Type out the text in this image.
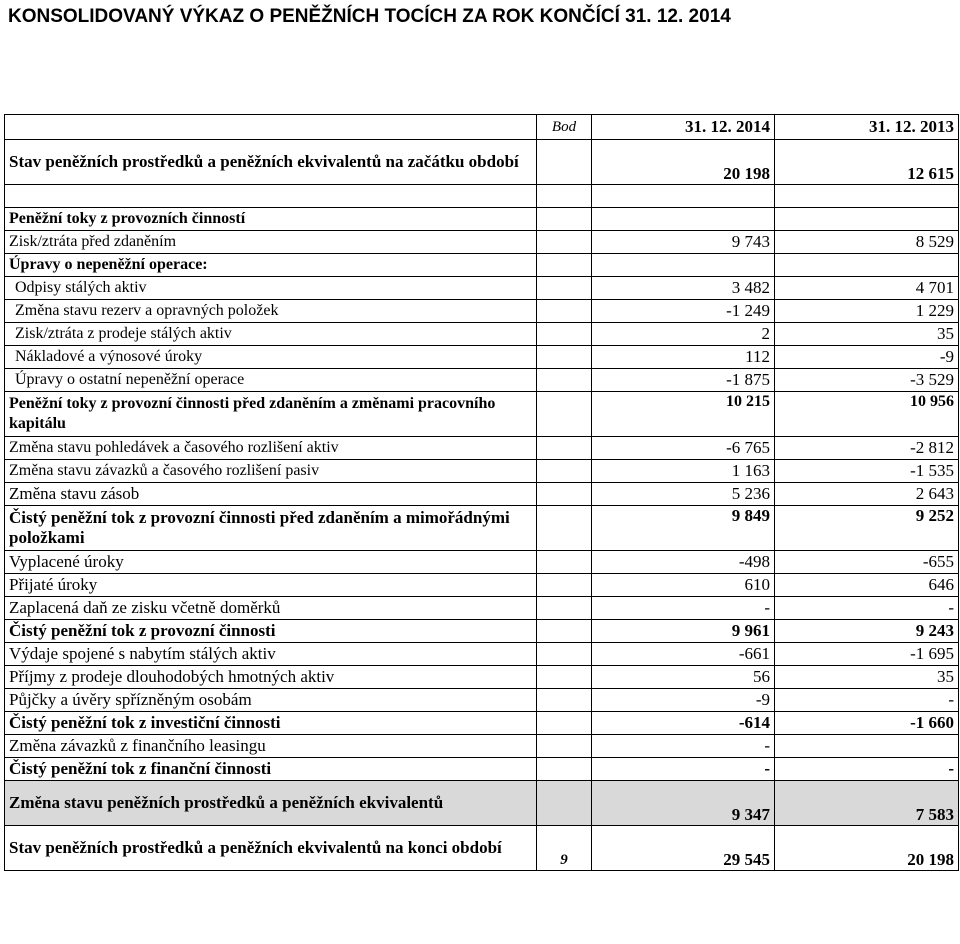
KONSOLIDOVANÝ VÝKAZ O PENĚŽNÍCH TOCÍCH ZA ROK KONČÍCÍ 31. 12. 2014
	Bod	31. 12. 2014	31. 12. 2013
Stav peněžních prostředků a peněžních ekvivalentů na začátku období		20 198	12 615

Peněžní toky z provozních činností			
Zisk/ztráta před zdaněním		9 743	8 529
Úpravy o nepeněžní operace:			
Odpisy stálých aktiv		3 482	4 701
Změna stavu rezerv a opravných položek		-1 249	1 229
Zisk/ztráta z prodeje stálých aktiv		2	35
Nákladové a výnosové úroky		112	-9
Úpravy o ostatní nepeněžní operace		-1 875	-3 529
Peněžní toky z provozní činnosti před zdaněním a změnami pracovního kapitálu		10 215	10 956
Změna stavu pohledávek a časového rozlišení aktiv		-6 765	-2 812
Změna stavu závazků a časového rozlišení pasiv		1 163	-1 535
Změna stavu zásob		5 236	2 643
Čistý peněžní tok z provozní činnosti před zdaněním a mimořádnými položkami		9 849	9 252
Vyplacené úroky		-498	-655
Přijaté úroky		610	646
Zaplacená daň ze zisku včetně doměrků		-	-
Čistý peněžní tok z provozní činnosti		9 961	9 243
Výdaje spojené s nabytím stálých aktiv		-661	-1 695
Příjmy z prodeje dlouhodobých hmotných aktiv		56	35
Půjčky a úvěry spřízněným osobám		-9	-
Čistý peněžní tok z investiční činnosti		-614	-1 660
Změna závazků z finančního leasingu		-	
Čistý peněžní tok z finanční činnosti		-	-
Změna stavu peněžních prostředků a peněžních ekvivalentů		9 347	7 583
Stav peněžních prostředků a peněžních ekvivalentů na konci období	9	29 545	20 198
